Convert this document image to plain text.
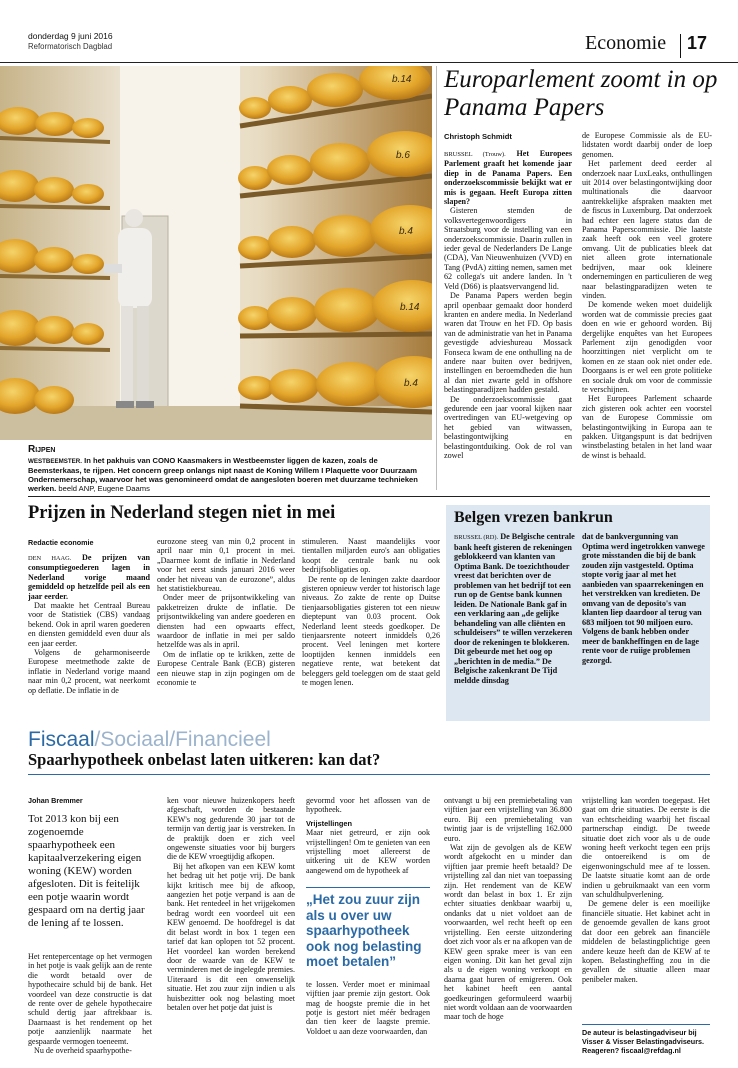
donderdag 9 juni 2016
Reformatorisch Dagblad	Economie 17
b.14
b.6
b.4
b.14
b.4
Rijpen
WESTBEEMSTER. In het pakhuis van CONO Kaasmakers in Westbeemster liggen de kazen, zoals de Beemsterkaas, te rijpen. Het concern greep onlangs nipt naast de Koning Willem I Plaquette voor Duurzaam Ondernemerschap, waarvoor het was genomineerd omdat de aangesloten boeren met duurzame technieken werken. beeld ANP, Eugene Daams
Europarlement zoomt in op Panama Papers
Christoph Schmidt

BRUSSEL (Trouw). Het Europees Parlement graaft het komende jaar diep in de Panama Papers. Een onderzoekscommissie bekijkt wat er mis is gegaan. Heeft Europa zitten slapen?

Gisteren stemden de volksvertegenwoordigers in Straatsburg voor de instelling van een onderzoekscommissie. Daarin zullen in ieder geval de Nederlanders De Lange (CDA), Van Nieuwenhuizen (VVD) en Tang (PvdA) zitting nemen, samen met 62 collega's uit andere landen. In 't Veld (D66) is plaatsvervangend lid.

De Panama Papers werden begin april openbaar gemaakt door honderd kranten en andere media. In Nederland waren dat Trouw en het FD. Op basis van de administratie van het in Panama gevestigde advieshureau Mossack Fonseca kwam de ene onthulling na de andere naar buiten over bedrijven, instellingen en beroemdheden die hun al dan niet zwarte geld in offshore belastingparadijzen hadden gestald.

De onderzoekscommissie gaat gedurende een jaar vooral kijken naar overtredingen van EU-wetgeving op het gebied van witwassen, belastingontwijking en belastingontduiking. Ook de rol van zowel

de Europese Commissie als de EU-lidstaten wordt daarbij onder de loep genomen.

Het parlement deed eerder al onderzoek naar LuxLeaks, onthullingen uit 2014 over belastingontwijking door multinationals die daarvoor aantrekkelijke afspraken maakten met de fiscus in Luxemburg. Dat onderzoek had echter een lagere status dan de Panama Paperscommissie. Die laatste zaak heeft ook een veel grotere omvang. Uit de publicaties bleek dat niet alleen grote internationale bedrijven, maar ook kleinere ondernemingen en particulieren de weg naar belastingparadijzen weten te vinden.

De komende weken moet duidelijk worden wat de commissie precies gaat doen en wie er gehoord worden. Bij dergelijke enquêtes van het Europees Parlement zijn genodigden voor hoorzittingen niet verplicht om te komen en ze staan ook niet onder ede. Doorgaans is er wel een grote politieke en sociale druk om voor de commissie te verschijnen.

Het Europees Parlement schaarde zich gisteren ook achter een voorstel van de Europese Commissie om belastingontwijking in Europa aan te pakken. Uitgangspunt is dat bedrijven winstbelasting betalen in het land waar de winst is behaald.

Prijzen in Nederland stegen niet in mei
Redactie economie

DEN HAAG. De prijzen van consumptiegoederen lagen in Nederland vorige maand gemiddeld op hetzelfde peil als een jaar eerder.

Dat maakte het Centraal Bureau voor de Statistiek (CBS) vandaag bekend. Ook in april waren goederen en diensten gemiddeld even duur als een jaar eerder.

Volgens de geharmoniseerde Europese meetmethode zakte de inflatie in Nederland vorige maand naar min 0,2 procent, wat neerkomt op deflatie. De inflatie in de

eurozone steeg van min 0,2 procent in april naar min 0,1 procent in mei. „Daarmee komt de inflatie in Nederland voor het eerst sinds januari 2016 weer onder het niveau van de eurozone”, aldus het statistiekbureau.

Onder meer de prijsontwikkeling van pakketreizen drukte de inflatie. De prijsontwikkeling van andere goederen en diensten had een opwaarts effect, waardoor de inflatie in mei per saldo hetzelfde was als in april.

Om de inflatie op te krikken, zette de Europese Centrale Bank (ECB) gisteren een nieuwe stap in zijn pogingen om de economie te

stimuleren. Naast maandelijks voor tientallen miljarden euro's aan obligaties koopt de centrale bank nu ook bedrijfsobligaties op.

De rente op de leningen zakte daardoor gisteren opnieuw verder tot historisch lage niveaus. Zo zakte de rente op Duitse tienjaarsobligaties gisteren tot een nieuw dieptepunt van 0.03 procent. Ook Nederland leent steeds goedkoper. De tienjaarsrente noteert inmiddels 0,26 procent. Veel leningen met kortere looptijden kennen inmiddels een negatieve rente, wat betekent dat beleggers geld toeleggen om de staat geld te mogen lenen.

Belgen vrezen bankrun
BRUSSEL (RD). De Belgische centrale bank heeft gisteren de rekeningen geblokkeerd van klanten van Optima Bank. De toezichthouder vreest dat berichten over de problemen van het bedrijf tot een run op de Gentse bank kunnen leiden. De Nationale Bank gaf in een verklaring aan „de gelijke behandeling van alle cliënten en schuldeisers” te willen verzekeren door de rekeningen te blokkeren. Dit gebeurde met het oog op „berichten in de media.” De Belgische zakenkrant De Tijd meldde dinsdag
dat de bankvergunning van Optima werd ingetrokken vanwege grote misstanden die bij de bank zouden zijn vastgesteld. Optima stopte vorig jaar al met het aanbieden van spaarrekeningen en het verstrekken van kredieten. De omvang van de deposito's van klanten liep daardoor al terug van 683 miljoen tot 90 miljoen euro. Volgens de bank hebben onder meer de bankheffingen en de lage rente voor de ruiige problemen gezorgd.
Fiscaal/Sociaal/Financieel
Spaarhypotheek onbelast laten uitkeren: kan dat?
Johan Bremmer
Tot 2013 kon bij een zogenoemde spaarhypotheek een kapitaalverzekering eigen woning (KEW) worden afgesloten. Dit is feitelijk een potje waarin wordt gespaard om na dertig jaar de lening af te lossen.

Het rentepercentage op het vermogen in het potje is vaak gelijk aan de rente die wordt betaald over de hypothecaire schuld bij de bank. Het voordeel van deze constructie is dat de rente over de gehele hypothecaire schuld dertig jaar aftrekbaar is. Daarnaast is het rendement op het potje aanzienlijk naarmate het gespaarde vermogen toeneemt.

Nu de overheid spaarhypothe-

ken voor nieuwe huizenkopers heeft afgeschaft, worden de bestaande KEW's nog gedurende 30 jaar tot de termijn van dertig jaar is verstreken. In de praktijk doen er zich veel ongewenste situaties voor bij burgers die de KEW vroegtijdig afkopen.

Bij het afkopen van een KEW komt het bedrag uit het potje vrij. De bank kijkt kritisch mee bij de afkoop, aangezien het potje verpand is aan de bank. Het rentedeel in het vrijgekomen bedrag wordt een voordeel uit een KEW genoemd. De hoofdregel is dat dit belast wordt in box 1 tegen een tarief dat kan oplopen tot 52 procent. Het voordeel kan worden berekend door de waarde van de KEW te verminderen met de ingelegde premies. Uiteraard is dit een onwenselijk situatie. Het zou zuur zijn indien u als huisbezitter ook nog belasting moet betalen over het potje dat juist is

gevormd voor het aflossen van de hypotheek.

Vrijstellingen

Maar niet getreurd, er zijn ook vrijstellingen! Om te genieten van een vrijstelling moet allereerst de uitkering uit de KEW worden aangewend om de hypotheek af

„Het zou zuur zijn als u over uw spaarhypotheek ook nog belasting moet betalen”

te lossen. Verder moet er minimaal vijftien jaar premie zijn gestort. Ook mag de hoogste premie die in het potje is gestort niet méér bedragen dan tien keer de laagste premie. Voldoet u aan deze voorwaarden, dan

ontvangt u bij een premiebetaling van vijftien jaar een vrijstelling van 36.800 euro. Bij een premiebetaling van twintig jaar is de vrijstelling 162.000 euro.

Wat zijn de gevolgen als de KEW wordt afgekocht en u minder dan vijftien jaar premie heeft betaald? De vrijstelling zal dan niet van toepassing zijn. Het rendement van de KEW wordt dan belast in box 1. Er zijn echter situaties denkbaar waarbij u, ondanks dat u niet voldoet aan de voorwaarden, wel recht heeft op een vrijstelling. Een eerste uitzondering doet zich voor als er na afkopen van de KEW geen sprake meer is van een eigen woning. Dit kan het geval zijn als u de eigen woning verkoopt en daarna gaat huren of emigreren. Ook het kabinet heeft een aantal goedkeuringen geformuleerd waarbij niet wordt voldaan aan de voorwaarden maar toch de hoge

vrijstelling kan worden toegepast. Het gaat om drie situaties. De eerste is die van echtscheiding waarbij het fiscaal partnerschap eindigt. De tweede situatie doet zich voor als u de oude woning heeft verkocht tegen een prijs die ontoereikend is om de eigenwoningschuld mee af te lossen. De laatste situatie komt aan de orde indien u gebruikmaakt van een vorm van schuldhulpverlening.

De gemene deler is een moeilijke financiële situatie. Het kabinet acht in de genoemde gevallen de kans groot dat door een gebrek aan financiële middelen de belastingplichtige geen andere keuze heeft dan de KEW af te kopen. Belastingheffing zou in die gevallen de situatie alleen maar penibeler maken.

De auteur is belastingadviseur bij Visser & Visser Belastingadviseurs. Reageren? fiscaal@refdag.nl
